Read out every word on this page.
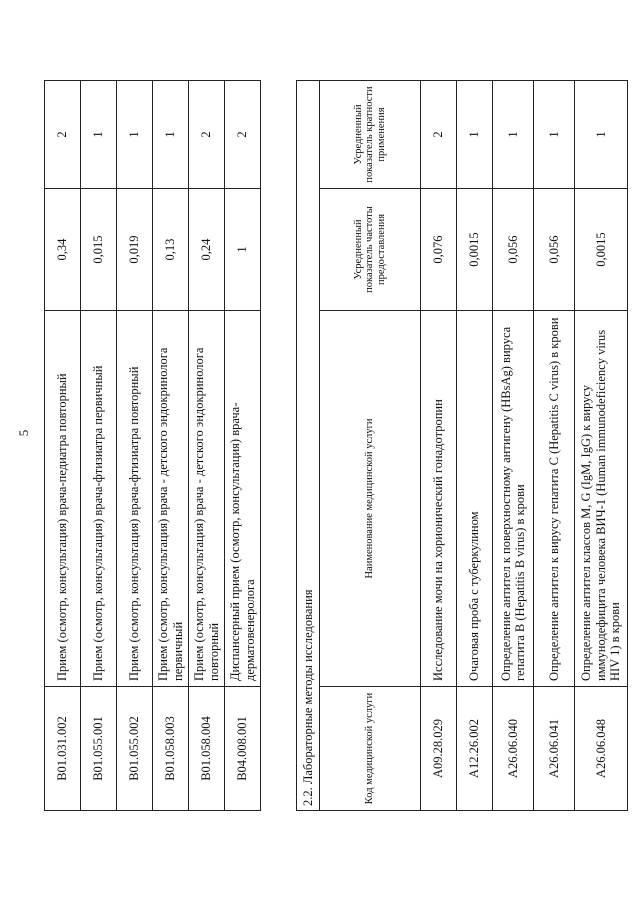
5
B01.031.002	Прием (осмотр, консультация) врача-педиатра повторный	0,34	2
B01.055.001	Прием (осмотр, консультация) врача-фтизиатра первичный	0,015	1
B01.055.002	Прием (осмотр, консультация) врача-фтизиатра повторный	0,019	1
B01.058.003	Прием (осмотр, консультация) врача - детского эндокринолога первичный	0,13	1
B01.058.004	Прием (осмотр, консультация) врача - детского эндокринолога повторный	0,24	2
B04.008.001	Диспансерный прием (осмотр, консультация) врача-дерматовенеролога	1	2
2.2. Лабораторные методы исследования			
Код медицинской услуги	Наименование медицинской услуги	Усредненный показатель частоты предоставления	Усредненный показатель кратности применения
A09.28.029	Исследование мочи на хорионический гонадотропин	0,076	2
A12.26.002	Очаговая проба с туберкулином	0,0015	1
A26.06.040	Определение антител к поверхностному антигену (HBsAg) вируса гепатита B (Hepatitis B virus) в крови	0,056	1
A26.06.041	Определение антител к вирусу гепатита C (Hepatitis C virus) в крови	0,056	1
A26.06.048	Определение антител классов M, G (IgM, IgG) к вирусу иммунодефицита человека ВИЧ-1 (Human immunodeficiency virus HIV 1) в крови	0,0015	1
